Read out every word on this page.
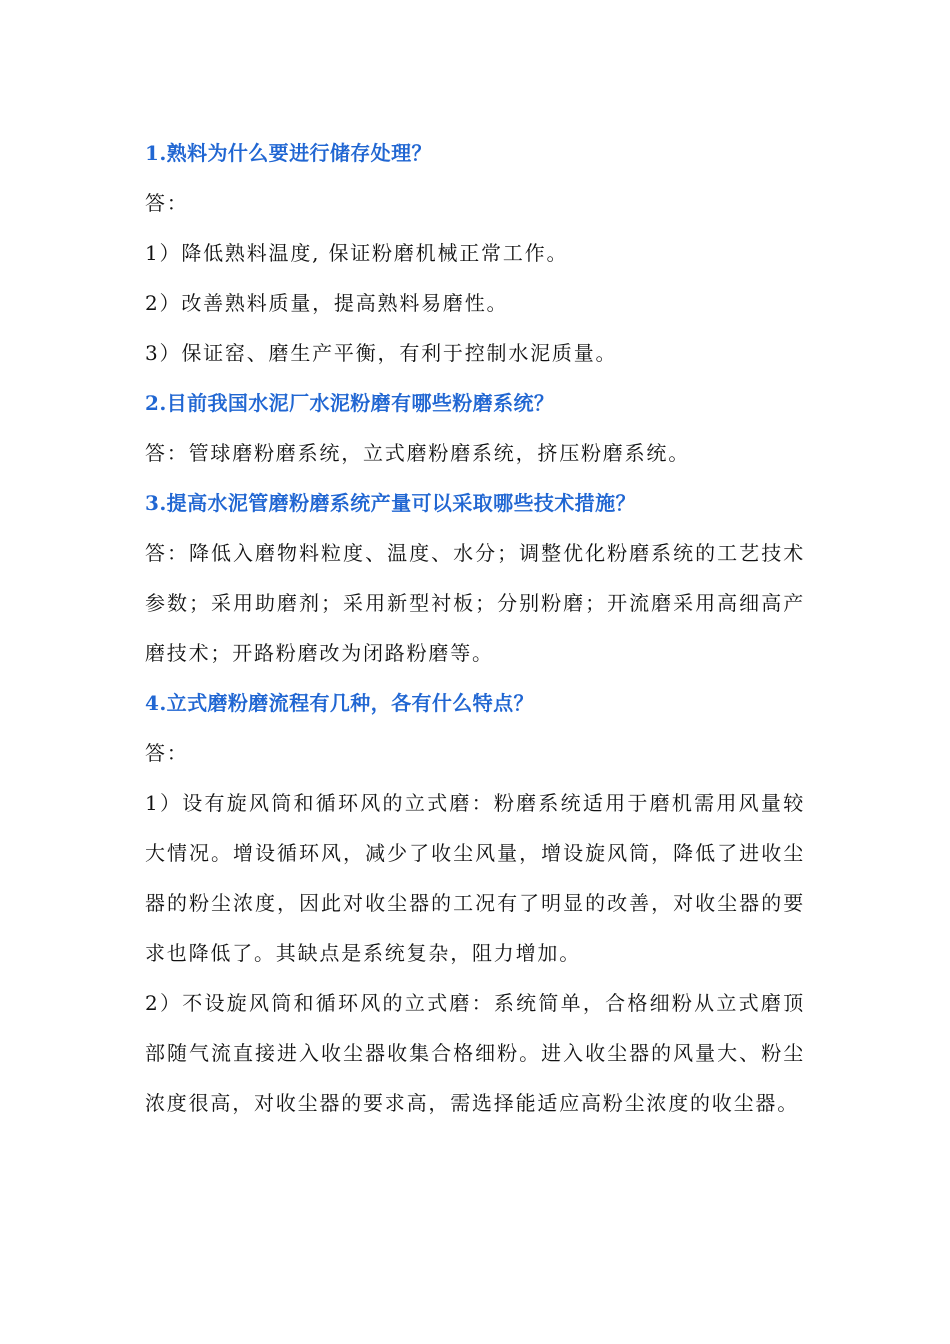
1.熟料为什么要进行储存处理？

答：

1）降低熟料温度, 保证粉磨机械正常工作。

2）改善熟料质量，提高熟料易磨性。

3）保证窑、磨生产平衡，有利于控制水泥质量。

2.目前我国水泥厂水泥粉磨有哪些粉磨系统？

答：管球磨粉磨系统，立式磨粉磨系统，挤压粉磨系统。

3.提高水泥管磨粉磨系统产量可以采取哪些技术措施？

答：降低入磨物料粒度、温度、水分；调整优化粉磨系统的工艺技术参数；采用助磨剂；采用新型衬板；分别粉磨；开流磨采用高细高产磨技术；开路粉磨改为闭路粉磨等。

4.立式磨粉磨流程有几种，各有什么特点？

答：

1）设有旋风筒和循环风的立式磨：粉磨系统适用于磨机需用风量较大情况。增设循环风，减少了收尘风量，增设旋风筒，降低了进收尘器的粉尘浓度，因此对收尘器的工况有了明显的改善，对收尘器的要求也降低了。其缺点是系统复杂，阻力增加。

2）不设旋风筒和循环风的立式磨：系统简单，合格细粉从立式磨顶部随气流直接进入收尘器收集合格细粉。进入收尘器的风量大、粉尘浓度很高，对收尘器的要求高，需选择能适应高粉尘浓度的收尘器。
